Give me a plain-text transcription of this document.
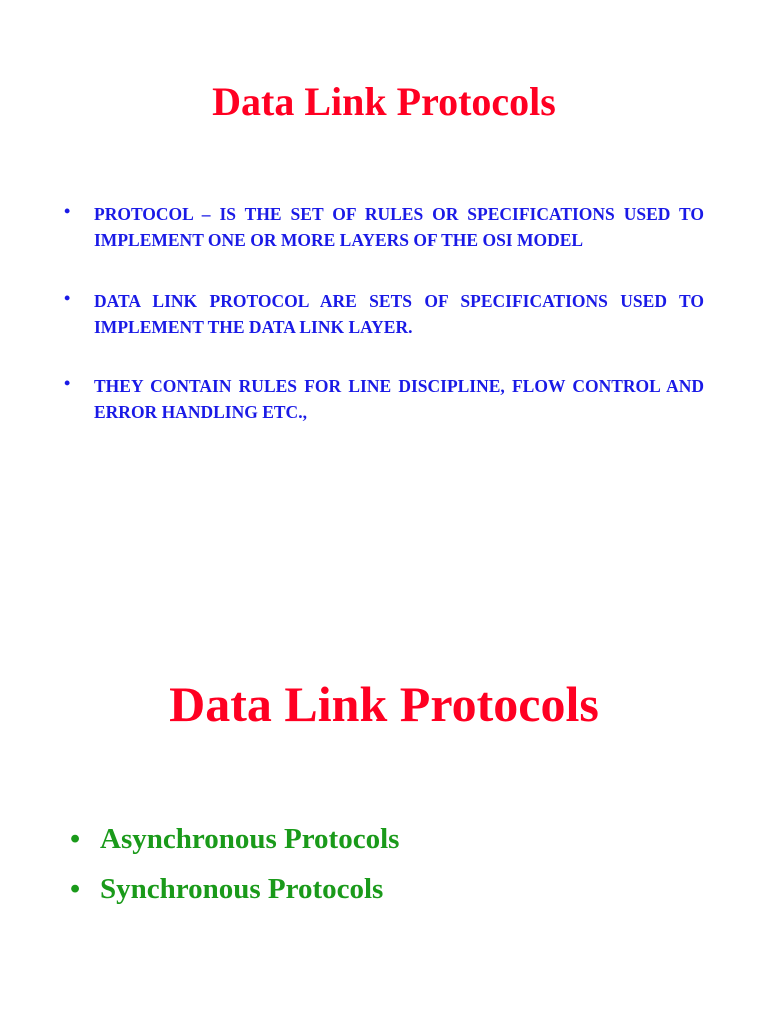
Data Link Protocols
• PROTOCOL – IS THE SET OF RULES OR SPECIFICATIONS USED TO IMPLEMENT ONE OR MORE LAYERS OF THE OSI MODEL
• DATA LINK PROTOCOL ARE SETS OF SPECIFICATIONS USED TO IMPLEMENT THE DATA LINK LAYER.
• THEY CONTAIN RULES FOR LINE DISCIPLINE, FLOW CONTROL AND ERROR HANDLING ETC.,
Data Link Protocols
• Asynchronous Protocols
• Synchronous Protocols
